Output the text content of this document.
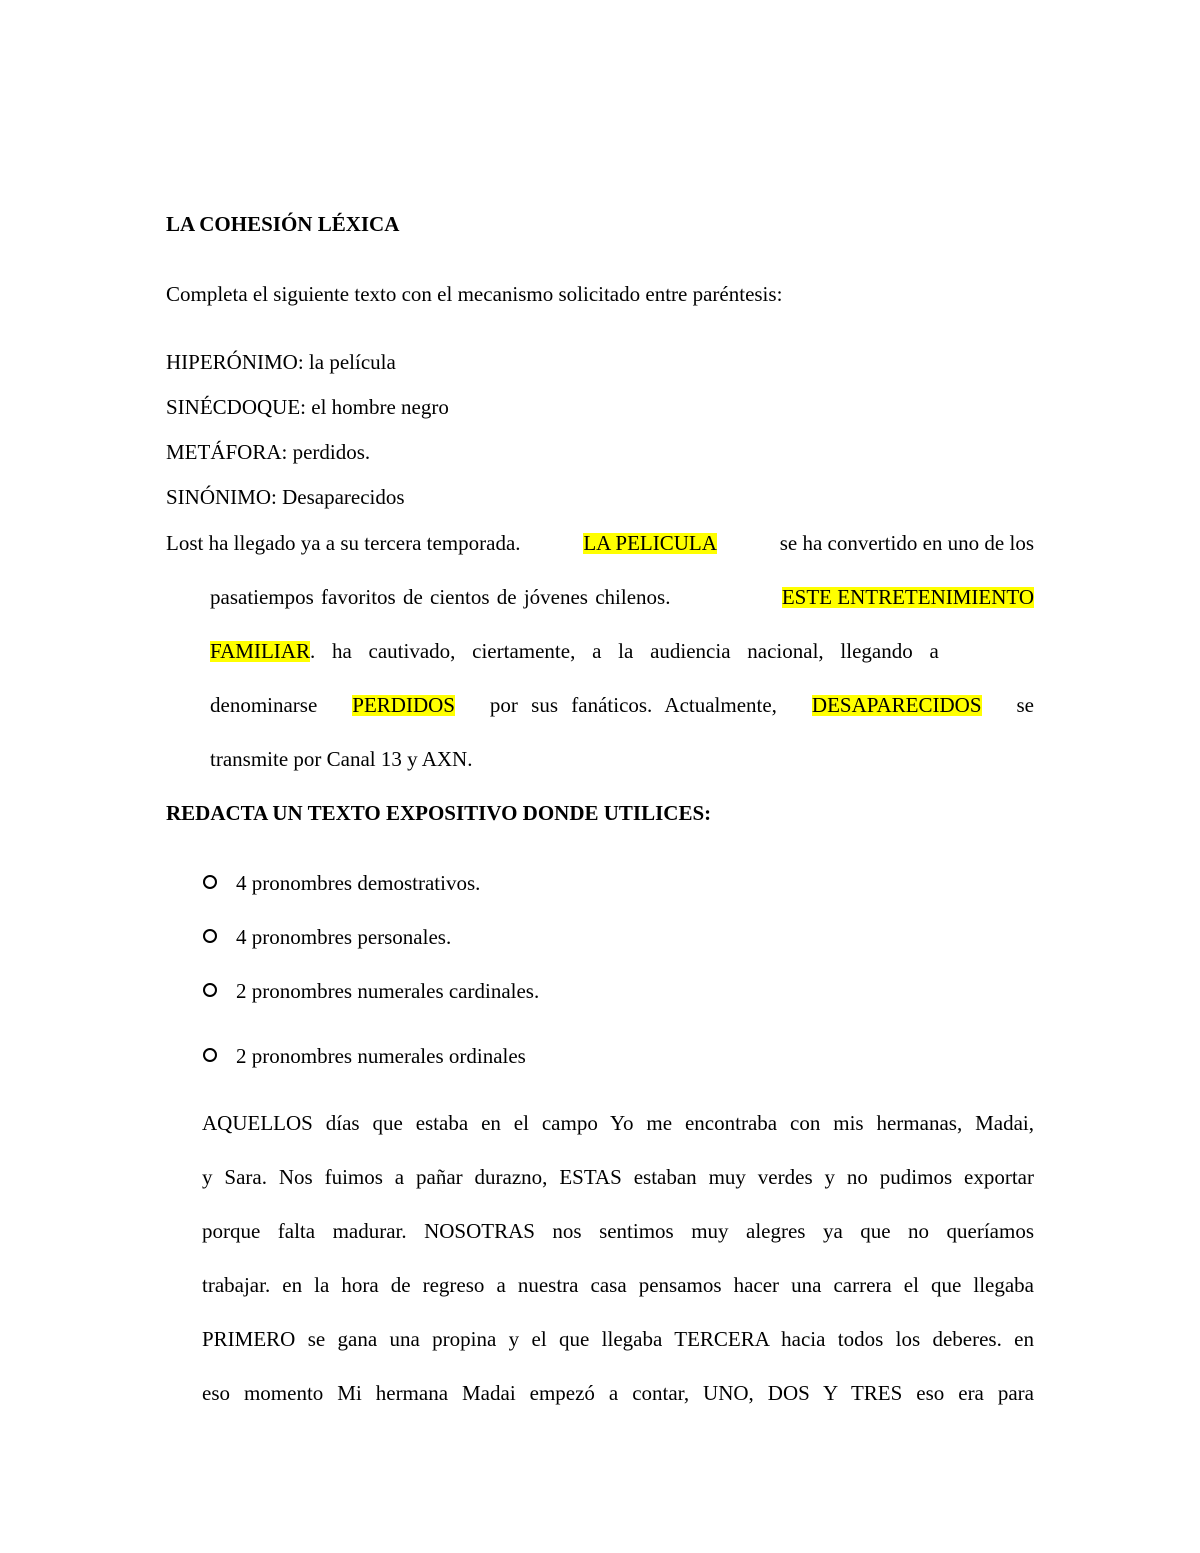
LA COHESIÓN LÉXICA
Completa el siguiente texto con el mecanismo solicitado entre paréntesis:
HIPERÓNIMO: la película
SINÉCDOQUE: el hombre negro
METÁFORA: perdidos.
SINÓNIMO: Desaparecidos
Lost ha llegado ya a su tercera temporada.	LA PELICULA	se ha convertido en uno de los
pasatiempos favoritos de cientos de jóvenes chilenos.	ESTE ENTRETENIMIENTO
FAMILIAR . ha cautivado, ciertamente, a la audiencia nacional, llegando a
denominarse PERDIDOS por sus fanáticos. Actualmente, DESAPARECIDOS se
transmite por Canal 13 y AXN.
REDACTA UN TEXTO EXPOSITIVO DONDE UTILICES:
4 pronombres demostrativos.
4 pronombres personales.
2 pronombres numerales cardinales.
2 pronombres numerales ordinales
AQUELLOS días que estaba en el campo Yo me encontraba con mis hermanas, Madai,
y Sara. Nos fuimos a pañar durazno, ESTAS estaban muy verdes y no pudimos exportar
porque falta madurar. NOSOTRAS nos sentimos muy alegres ya que no queríamos
trabajar. en la hora de regreso a nuestra casa pensamos hacer una carrera el que llegaba
PRIMERO se gana una propina y el que llegaba TERCERA hacia todos los deberes. en
eso momento Mi hermana Madai empezó a contar, UNO, DOS Y TRES eso era para
